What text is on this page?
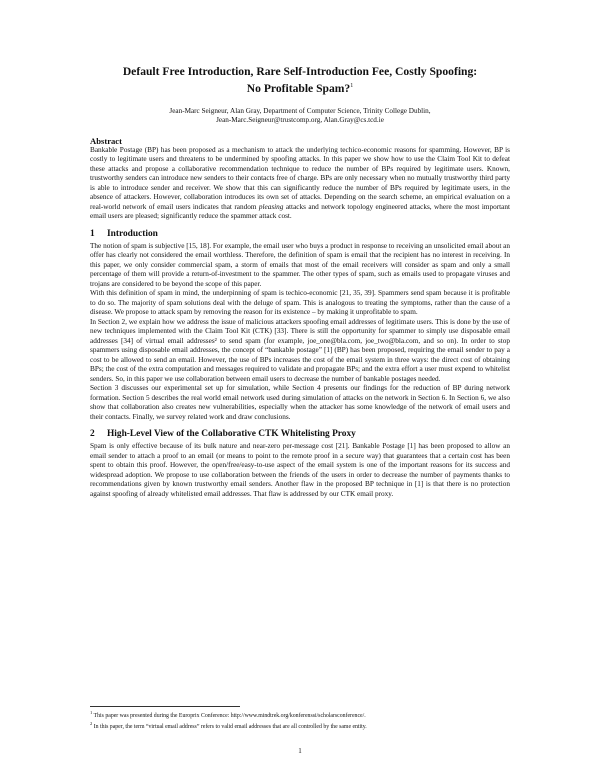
Default Free Introduction, Rare Self-Introduction Fee, Costly Spoofing:
No Profitable Spam?$^1$
Jean-Marc Seigneur, Alan Gray, Department of Computer Science, Trinity College Dublin,
Jean-Marc.Seigneur@trustcomp.org, Alan.Gray@cs.tcd.ie
Abstract

Bankable Postage (BP) has been proposed as a mechanism to attack the underlying techico-economic reasons for spamming. However, BP is costly to legitimate users and threatens to be undermined by spoofing attacks. In this paper we show how to use the Claim Tool Kit to defeat these attacks and propose a collaborative recommendation technique to reduce the number of BPs required by legitimate users. Known, trustworthy senders can introduce new senders to their contacts free of charge. BPs are only necessary when no mutually trustworthy third party is able to introduce sender and receiver. We show that this can significantly reduce the number of BPs required by legitimate users, in the absence of attackers. However, collaboration introduces its own set of attacks. Depending on the search scheme, an empirical evaluation on a real-world network of email users indicates that random pleasing attacks and network topology engineered attacks, where the most important email users are pleased; significantly reduce the spammer attack cost.

1	Introduction

The notion of spam is subjective [15, 18]. For example, the email user who buys a product in response to receiving an unsolicited email about an offer has clearly not considered the email worthless. Therefore, the definition of spam is email that the recipient has no interest in receiving. In this paper, we only consider commercial spam, a storm of emails that most of the email receivers will consider as spam and only a small percentage of them will provide a return-of-investment to the spammer. The other types of spam, such as emails used to propagate viruses and trojans are considered to be beyond the scope of this paper.

With this definition of spam in mind, the underpinning of spam is techico-economic [21, 35, 39]. Spammers send spam because it is profitable to do so. The majority of spam solutions deal with the deluge of spam. This is analogous to treating the symptoms, rather than the cause of a disease. We propose to attack spam by removing the reason for its existence – by making it unprofitable to spam.

In Section 2, we explain how we address the issue of malicious attackers spoofing email addresses of legitimate users. This is done by the use of new techniques implemented with the Claim Tool Kit (CTK) [33]. There is still the opportunity for spammer to simply use disposable email addresses [34] of virtual email addresses² to send spam (for example, joe_one@bla.com, joe_two@bla.com, and so on). In order to stop spammers using disposable email addresses, the concept of “bankable postage” [1] (BP) has been proposed, requiring the email sender to pay a cost to be allowed to send an email. However, the use of BPs increases the cost of the email system in three ways: the direct cost of obtaining BPs; the cost of the extra computation and messages required to validate and propagate BPs; and the extra effort a user must expend to whitelist senders. So, in this paper we use collaboration between email users to decrease the number of bankable postages needed.

Section 3 discusses our experimental set up for simulation, while Section 4 presents our findings for the reduction of BP during network formation. Section 5 describes the real world email network used during simulation of attacks on the network in Section 6. In Section 6, we also show that collaboration also creates new vulnerabilities, especially when the attacker has some knowledge of the network of email users and their contacts. Finally, we survey related work and draw conclusions.

2	High-Level View of the Collaborative CTK Whitelisting Proxy

Spam is only effective because of its bulk nature and near-zero per-message cost [21]. Bankable Postage [1] has been proposed to allow an email sender to attach a proof to an email (or means to point to the remote proof in a secure way) that guarantees that a certain cost has been spent to obtain this proof. However, the open/free/easy-to-use aspect of the email system is one of the important reasons for its success and widespread adoption. We propose to use collaboration between the friends of the users in order to decrease the number of payments thanks to recommendations given by known trustworthy email senders. Another flaw in the proposed BP technique in [1] is that there is no protection against spoofing of already whitelisted email addresses. That flaw is addressed by our CTK email proxy.

$^1$ This paper was presented during the Europrix Conference: http://www.mindtrek.org/konferenssi/scholarsconference/.
$^2$ In this paper, the term “virtual email address” refers to valid email addresses that are all controlled by the same entity.
1
